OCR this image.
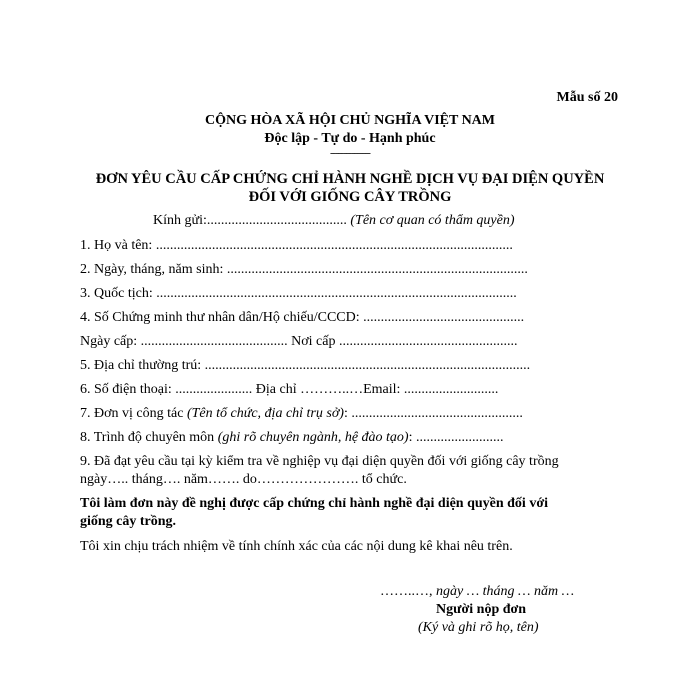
Mẫu số 20
CỘNG HÒA XÃ HỘI CHỦ NGHĨA VIỆT NAM
Độc lập - Tự do - Hạnh phúc
---------------
ĐƠN YÊU CẦU CẤP CHỨNG CHỈ HÀNH NGHỀ DỊCH VỤ ĐẠI DIỆN QUYỀN
ĐỐI VỚI GIỐNG CÂY TRỒNG
Kính gửi:........................................ (Tên cơ quan có thẩm quyền)
1. Họ và tên: ......................................................................................................
2. Ngày, tháng, năm sinh: ......................................................................................
3. Quốc tịch: .......................................................................................................
4. Số Chứng minh thư nhân dân/Hộ chiếu/CCCD: ..............................................
Ngày cấp: .......................................... Nơi cấp ...................................................
5. Địa chỉ thường trú: .............................................................................................
6. Số điện thoại: ...................... Địa chỉ ………..…Email: ...........................
7. Đơn vị công tác (Tên tổ chức, địa chỉ trụ sở): .................................................
8. Trình độ chuyên môn (ghi rõ chuyên ngành, hệ đào tạo): .........................
9. Đã đạt yêu cầu tại kỳ kiểm tra về nghiệp vụ đại diện quyền đối với giống cây trồng
ngày….. tháng…. năm……. do…………………. tổ chức.
Tôi làm đơn này đề nghị được cấp chứng chỉ hành nghề đại diện quyền đối với
giống cây trồng.
Tôi xin chịu trách nhiệm về tính chính xác của các nội dung kê khai nêu trên.
……..…, ngày … tháng … năm …
Người nộp đơn
(Ký và ghi rõ họ, tên)
